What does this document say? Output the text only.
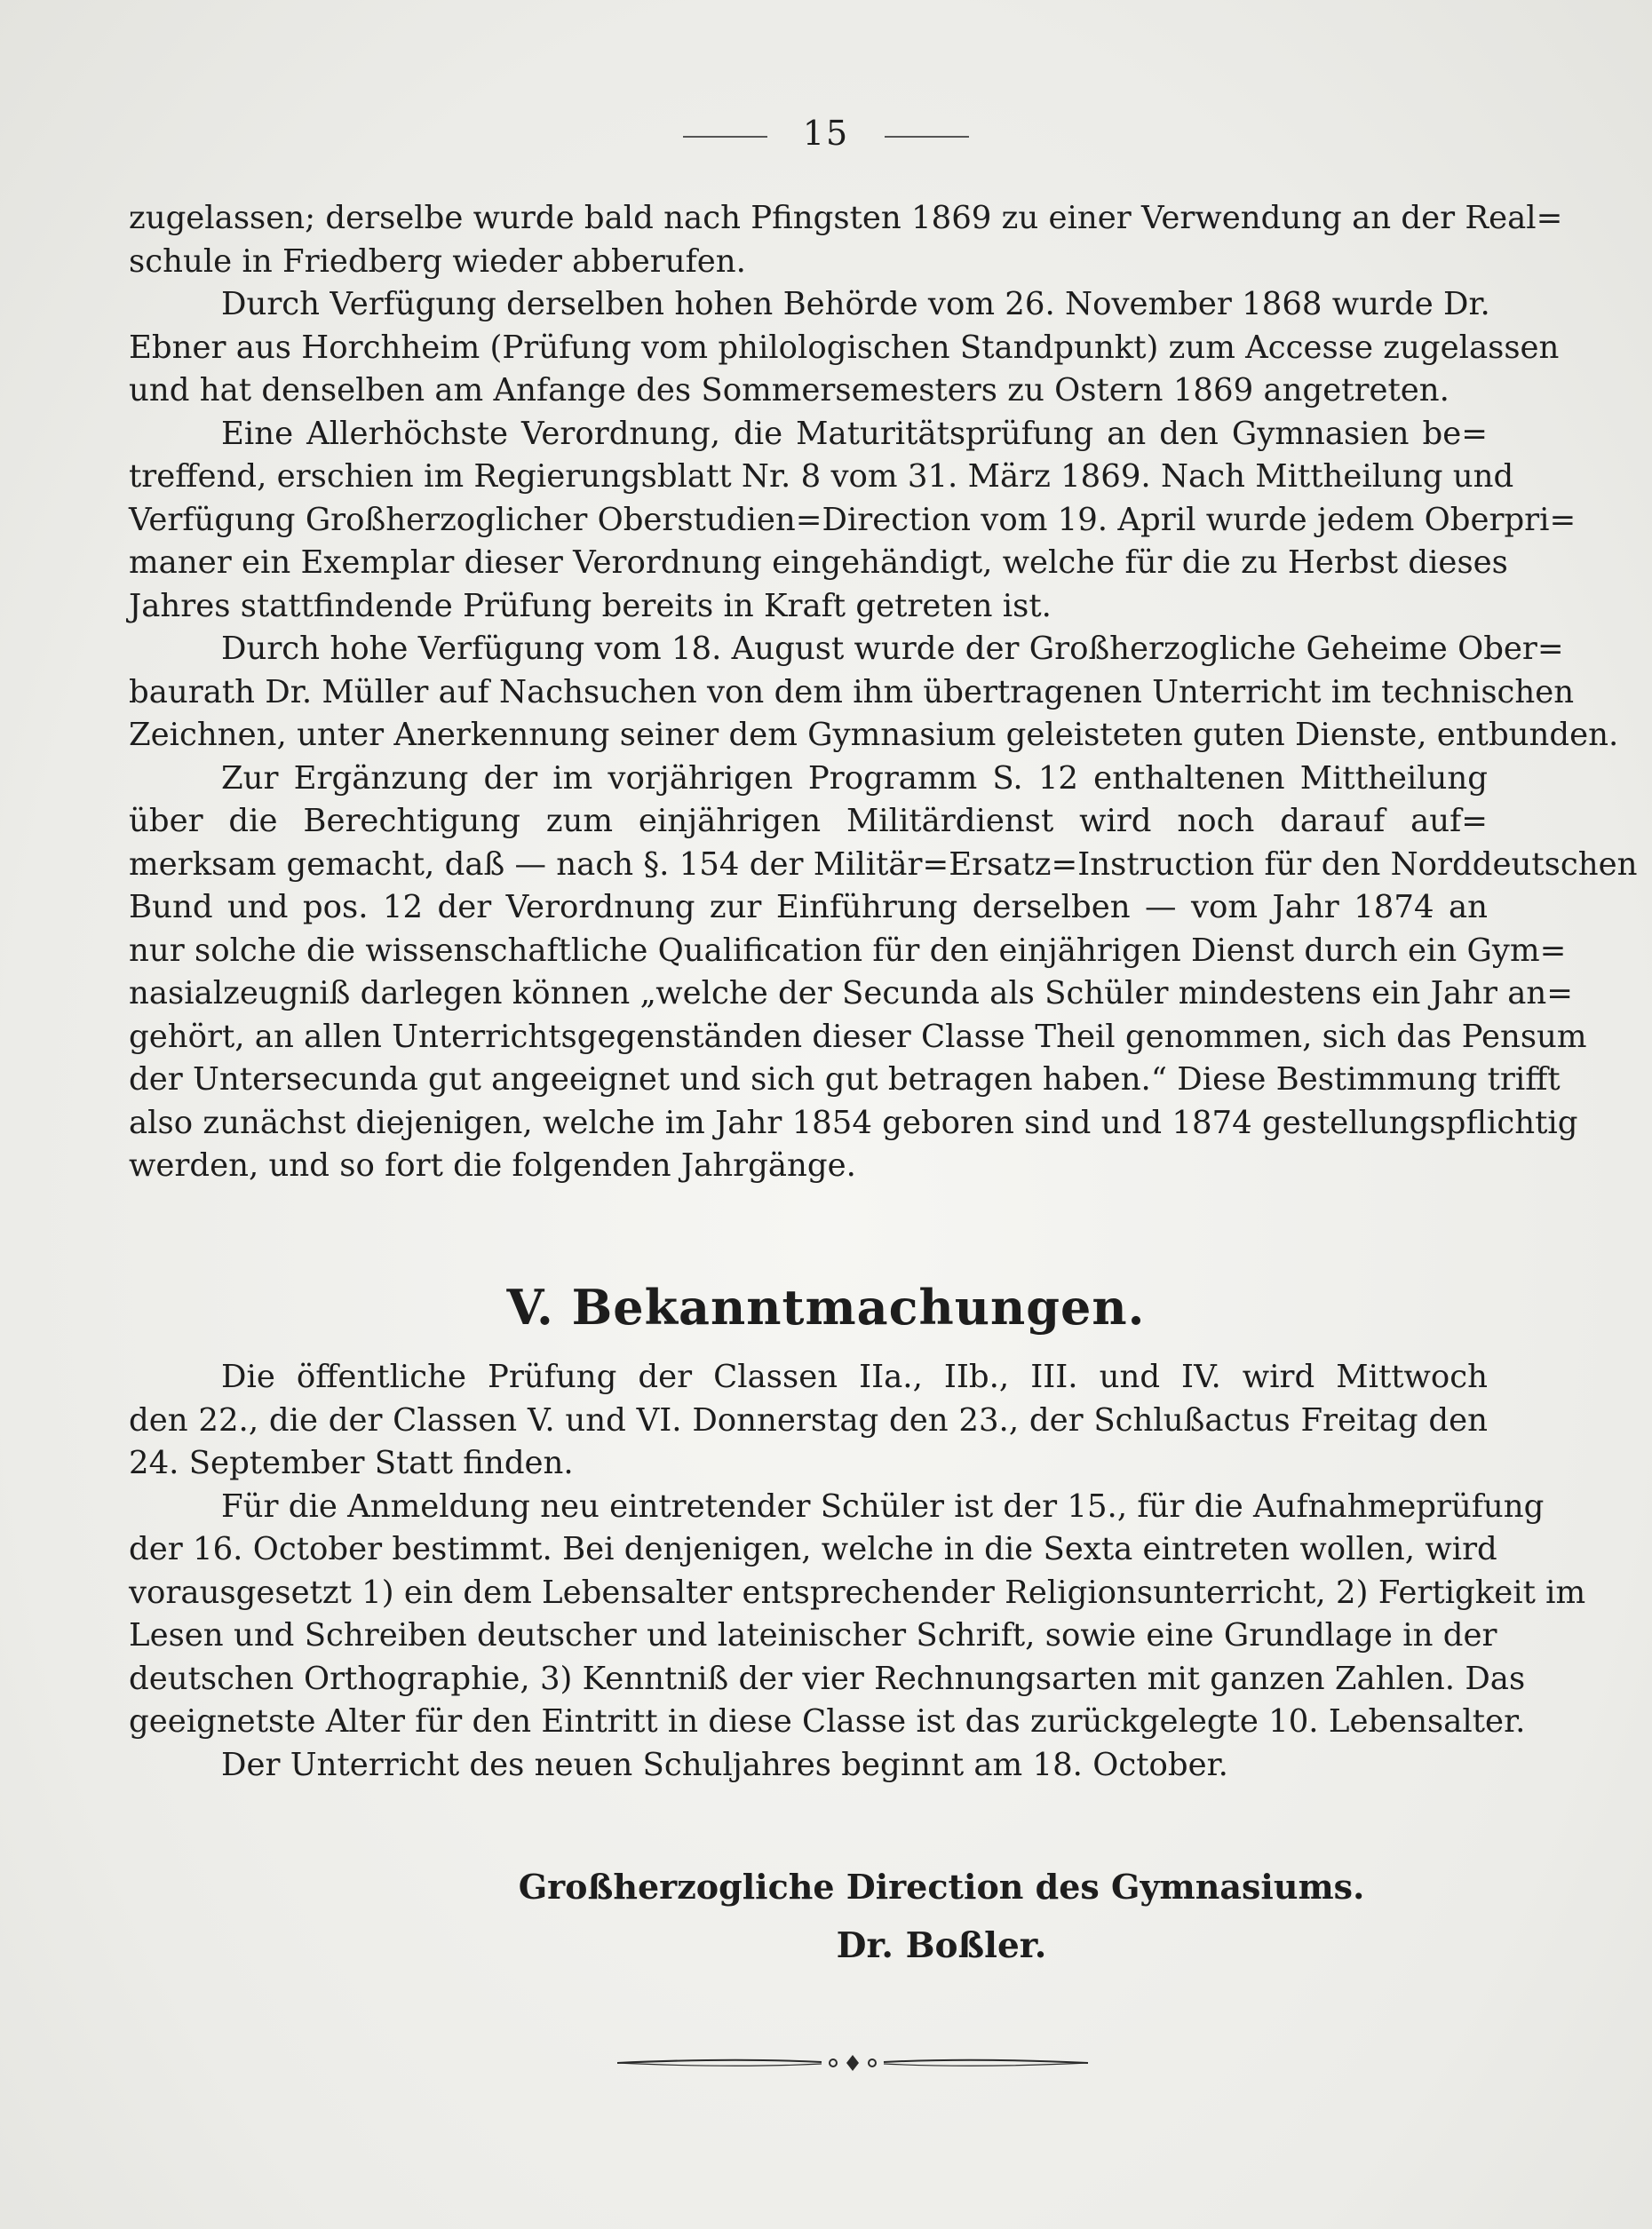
15

zugelassen; derselbe wurde bald nach Pfingsten 1869 zu einer Verwendung an der Real=

schule in Friedberg wieder abberufen.

Durch Verfügung derselben hohen Behörde vom 26. November 1868 wurde Dr.

Ebner aus Horchheim (Prüfung vom philologischen Standpunkt) zum Accesse zugelassen

und hat denselben am Anfange des Sommersemesters zu Ostern 1869 angetreten.

Eine Allerhöchste Verordnung, die Maturitätsprüfung an den Gymnasien be=

treffend, erschien im Regierungsblatt Nr. 8 vom 31. März 1869. Nach Mittheilung und

Verfügung Großherzoglicher Oberstudien=Direction vom 19. April wurde jedem Oberpri=

maner ein Exemplar dieser Verordnung eingehändigt, welche für die zu Herbst dieses

Jahres stattfindende Prüfung bereits in Kraft getreten ist.

Durch hohe Verfügung vom 18. August wurde der Großherzogliche Geheime Ober=

baurath Dr. Müller auf Nachsuchen von dem ihm übertragenen Unterricht im technischen

Zeichnen, unter Anerkennung seiner dem Gymnasium geleisteten guten Dienste, entbunden.

Zur Ergänzung der im vorjährigen Programm S. 12 enthaltenen Mittheilung

über die Berechtigung zum einjährigen Militärdienst wird noch darauf auf=

merksam gemacht, daß — nach §. 154 der Militär=Ersatz=Instruction für den Norddeutschen

Bund und pos. 12 der Verordnung zur Einführung derselben — vom Jahr 1874 an

nur solche die wissenschaftliche Qualification für den einjährigen Dienst durch ein Gym=

nasialzeugniß darlegen können „welche der Secunda als Schüler mindestens ein Jahr an=

gehört, an allen Unterrichtsgegenständen dieser Classe Theil genommen, sich das Pensum

der Untersecunda gut angeeignet und sich gut betragen haben.“ Diese Bestimmung trifft

also zunächst diejenigen, welche im Jahr 1854 geboren sind und 1874 gestellungspflichtig

werden, und so fort die folgenden Jahrgänge.

V. Bekanntmachungen.

Die öffentliche Prüfung der Classen IIa., IIb., III. und IV. wird Mittwoch

den 22., die der Classen V. und VI. Donnerstag den 23., der Schlußactus Freitag den

24. September Statt finden.

Für die Anmeldung neu eintretender Schüler ist der 15., für die Aufnahmeprüfung

der 16. October bestimmt. Bei denjenigen, welche in die Sexta eintreten wollen, wird

vorausgesetzt 1) ein dem Lebensalter entsprechender Religionsunterricht, 2) Fertigkeit im

Lesen und Schreiben deutscher und lateinischer Schrift, sowie eine Grundlage in der

deutschen Orthographie, 3) Kenntniß der vier Rechnungsarten mit ganzen Zahlen. Das

geeignetste Alter für den Eintritt in diese Classe ist das zurückgelegte 10. Lebensalter.

Der Unterricht des neuen Schuljahres beginnt am 18. October.

Großherzogliche Direction des Gymnasiums.
Dr. Boßler.
